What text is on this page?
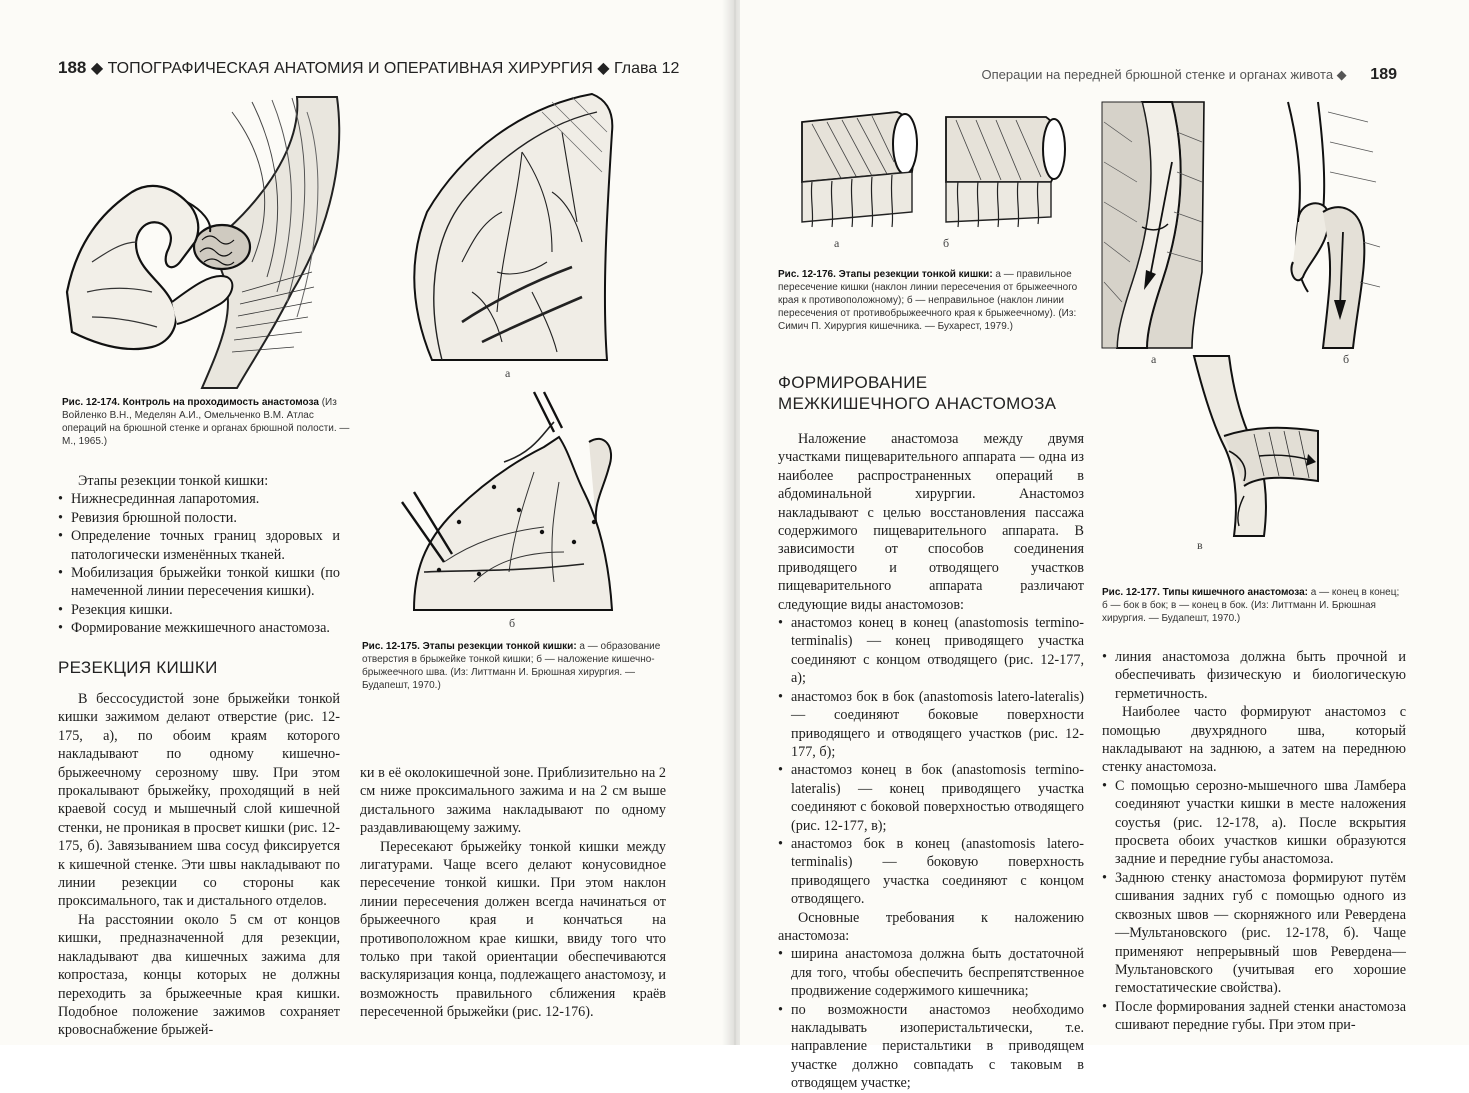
188 ◆ ТОПОГРАФИЧЕСКАЯ АНАТОМИЯ И ОПЕРАТИВНАЯ ХИРУРГИЯ ◆ Глава 12
а
Рис. 12-174. Контроль на проходимость анастомоза (Из Войленко В.Н., Меделян А.И., Омельченко В.М. Атлас операций на брюшной стенке и органах брюшной полости. — М., 1965.)
б
Рис. 12-175. Этапы резекции тонкой кишки: а — образование отверстия в брыжейке тонкой кишки; б — наложение кишечно-брыжеечного шва. (Из: Литтманн И. Брюшная хирургия. — Будапешт, 1970.)

Этапы резекции тонкой кишки:

• Нижнесрединная лапаротомия.
• Ревизия брюшной полости.
• Определение точных границ здоровых и патологически изменённых тканей.
• Мобилизация брыжейки тонкой кишки (по намеченной линии пересечения кишки).
• Резекция кишки.
• Формирование межкишечного анастомоза.
РЕЗЕКЦИЯ КИШКИ

В бессосудистой зоне брыжейки тонкой кишки зажимом делают отверстие (рис. 12-175, а), по обоим краям которого накладывают по одному кишечно-брыжеечному серозному шву. При этом прокалывают брыжейку, проходящий в ней краевой сосуд и мышечный слой кишечной стенки, не проникая в просвет кишки (рис. 12-175, б). Завязыванием шва сосуд фиксируется к кишечной стенке. Эти швы накладывают по линии резекции со стороны как проксимального, так и дистального отделов.

На расстоянии около 5 см от концов кишки, предназначенной для резекции, накладывают два кишечных зажима для копростаза, концы которых не должны переходить за брыжеечные края кишки. Подобное положение зажимов сохраняет кровоснабжение брыжей-

ки в её околокишечной зоне. Приблизительно на 2 см ниже проксимального зажима и на 2 см выше дистального зажима накладывают по одному раздавливающему зажиму.

Пересекают брыжейку тонкой кишки между лигатурами. Чаще всего делают конусовидное пересечение тонкой кишки. При этом наклон линии пересечения должен всегда начинаться от брыжеечного края и кончаться на противоположном крае кишки, ввиду того что только при такой ориентации обеспечиваются васкуляризация конца, подлежащего анастомозу, и возможность правильного сближения краёв пересеченной брыжейки (рис. 12-176).

Операции на передней брюшной стенке и органах живота ◆ 189
а	б
Рис. 12-176. Этапы резекции тонкой кишки: а — правильное пересечение кишки (наклон линии пересечения от брыжеечного края к противоположному); б — неправильное (наклон линии пересечения от противобрыжеечного края к брыжеечному). (Из: Симич П. Хирургия кишечника. — Бухарест, 1979.)
а	б
ФОРМИРОВАНИЕ МЕЖКИШЕЧНОГО АНАСТОМОЗА
в
Рис. 12-177. Типы кишечного анастомоза: а — конец в конец; б — бок в бок; в — конец в бок. (Из: Литтманн И. Брюшная хирургия. — Будапешт, 1970.)

Наложение анастомоза между двумя участками пищеварительного аппарата — одна из наиболее распространенных операций в абдоминальной хирургии. Анастомоз накладывают с целью восстановления пассажа содержимого пищеварительного аппарата. В зависимости от способов соединения приводящего и отводящего участков пищеварительного аппарата различают следующие виды анастомозов:

• анастомоз конец в конец (anastomosis termino-terminalis) — конец приводящего участка соединяют с концом отводящего (рис. 12-177, а);
• анастомоз бок в бок (anastomosis latero-lateralis) — соединяют боковые поверхности приводящего и отводящего участков (рис. 12-177, б);
• анастомоз конец в бок (anastomosis termino-lateralis) — конец приводящего участка соединяют с боковой поверхностью отводящего (рис. 12-177, в);
• анастомоз бок в конец (anastomosis latero-terminalis) — боковую поверхность приводящего участка соединяют с концом отводящего.

Основные требования к наложению анастомоза:

• ширина анастомоза должна быть достаточной для того, чтобы обеспечить беспрепятственное продвижение содержимого кишечника;
• по возможности анастомоз необходимо накладывать изоперистальтически, т.е. направление перистальтики в приводящем участке должно совпадать с таковым в отводящем участке;
• линия анастомоза должна быть прочной и обеспечивать физическую и биологическую герметичность.

Наиболее часто формируют анастомоз с помощью двухрядного шва, который накладывают на заднюю, а затем на переднюю стенку анастомоза.

• С помощью серозно-мышечного шва Ламбера соединяют участки кишки в месте наложения соустья (рис. 12-178, а). После вскрытия просвета обоих участков кишки образуются задние и передние губы анастомоза.
• Заднюю стенку анастомоза формируют путём сшивания задних губ с помощью одного из сквозных швов — скорняжного или Ревердена—Мультановского (рис. 12-178, б). Чаще применяют непрерывный шов Ревердена—Мультановского (учитывая его хорошие гемостатические свойства).
• После формирования задней стенки анастомоза сшивают передние губы. При этом при-
